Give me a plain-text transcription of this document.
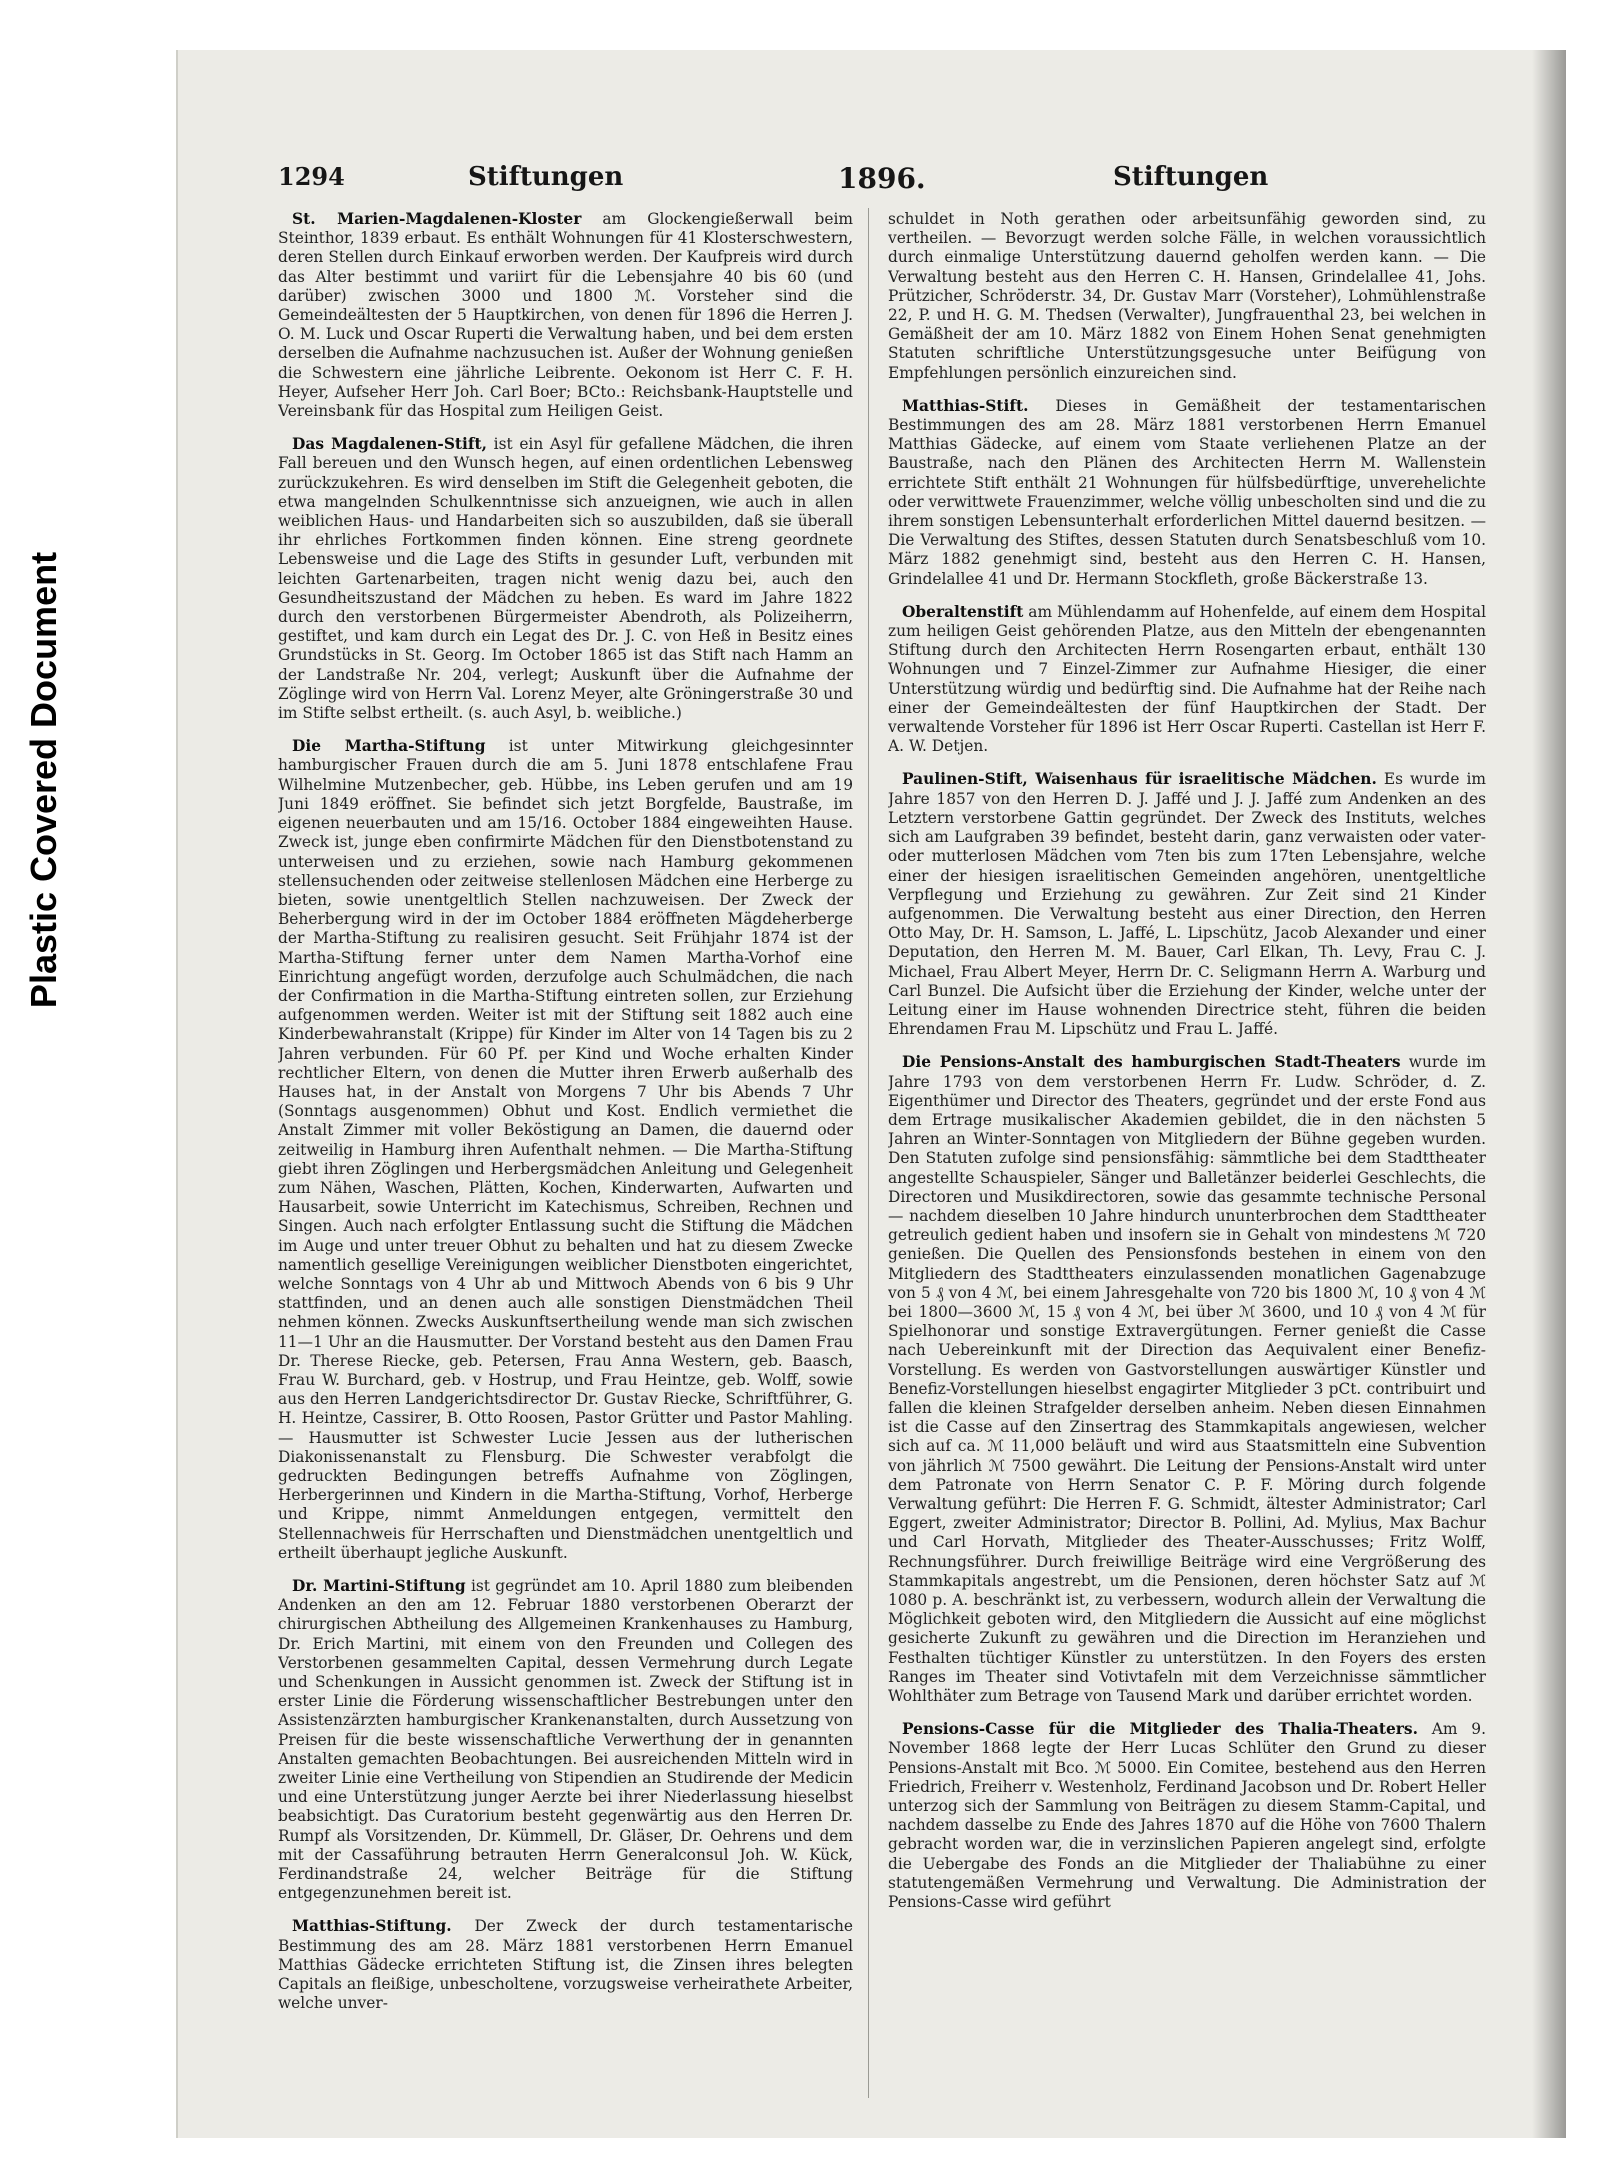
Plastic Covered Document
1294	Stiftungen	1896.	Stiftungen

St. Marien-Magdalenen-Kloster am Glockengießerwall beim Steinthor, 1839 erbaut. Es enthält Wohnungen für 41 Klosterschwestern, deren Stellen durch Einkauf erworben werden. Der Kaufpreis wird durch das Alter bestimmt und variirt für die Lebensjahre 40 bis 60 (und darüber) zwischen 3000 und 1800 ℳ. Vorsteher sind die Gemeindeältesten der 5 Hauptkirchen, von denen für 1896 die Herren J. O. M. Luck und Oscar Ruperti die Verwaltung haben, und bei dem ersten derselben die Aufnahme nachzusuchen ist. Außer der Wohnung genießen die Schwestern eine jährliche Leibrente. Oekonom ist Herr C. F. H. Heyer, Aufseher Herr Joh. Carl Boer; BCto.: Reichsbank-Hauptstelle und Vereinsbank für das Hospital zum Heiligen Geist.

Das Magdalenen-Stift, ist ein Asyl für gefallene Mädchen, die ihren Fall bereuen und den Wunsch hegen, auf einen ordentlichen Lebensweg zurückzukehren. Es wird denselben im Stift die Gelegenheit geboten, die etwa mangelnden Schulkenntnisse sich anzueignen, wie auch in allen weiblichen Haus- und Handarbeiten sich so auszubilden, daß sie überall ihr ehrliches Fortkommen finden können. Eine streng geordnete Lebensweise und die Lage des Stifts in gesunder Luft, verbunden mit leichten Gartenarbeiten, tragen nicht wenig dazu bei, auch den Gesundheitszustand der Mädchen zu heben. Es ward im Jahre 1822 durch den verstorbenen Bürgermeister Abendroth, als Polizeiherrn, gestiftet, und kam durch ein Legat des Dr. J. C. von Heß in Besitz eines Grundstücks in St. Georg. Im October 1865 ist das Stift nach Hamm an der Landstraße Nr. 204, verlegt; Auskunft über die Aufnahme der Zöglinge wird von Herrn Val. Lorenz Meyer, alte Gröningerstraße 30 und im Stifte selbst ertheilt. (s. auch Asyl, b. weibliche.)

Die Martha-Stiftung ist unter Mitwirkung gleichgesinnter hamburgischer Frauen durch die am 5. Juni 1878 entschlafene Frau Wilhelmine Mutzenbecher, geb. Hübbe, ins Leben gerufen und am 19 Juni 1849 eröffnet. Sie befindet sich jetzt Borgfelde, Baustraße, im eigenen neuerbauten und am 15/16. October 1884 eingeweihten Hause. Zweck ist, junge eben confirmirte Mädchen für den Dienstbotenstand zu unterweisen und zu erziehen, sowie nach Hamburg gekommenen stellensuchenden oder zeitweise stellenlosen Mädchen eine Herberge zu bieten, sowie unentgeltlich Stellen nachzuweisen. Der Zweck der Beherbergung wird in der im October 1884 eröffneten Mägdeherberge der Martha-Stiftung zu realisiren gesucht. Seit Frühjahr 1874 ist der Martha-Stiftung ferner unter dem Namen Martha-Vorhof eine Einrichtung angefügt worden, derzufolge auch Schulmädchen, die nach der Confirmation in die Martha-Stiftung eintreten sollen, zur Erziehung aufgenommen werden. Weiter ist mit der Stiftung seit 1882 auch eine Kinderbewahranstalt (Krippe) für Kinder im Alter von 14 Tagen bis zu 2 Jahren verbunden. Für 60 Pf. per Kind und Woche erhalten Kinder rechtlicher Eltern, von denen die Mutter ihren Erwerb außerhalb des Hauses hat, in der Anstalt von Morgens 7 Uhr bis Abends 7 Uhr (Sonntags ausgenommen) Obhut und Kost. Endlich vermiethet die Anstalt Zimmer mit voller Beköstigung an Damen, die dauernd oder zeitweilig in Hamburg ihren Aufenthalt nehmen. — Die Martha-Stiftung giebt ihren Zöglingen und Herbergsmädchen Anleitung und Gelegenheit zum Nähen, Waschen, Plätten, Kochen, Kinderwarten, Aufwarten und Hausarbeit, sowie Unterricht im Katechismus, Schreiben, Rechnen und Singen. Auch nach erfolgter Entlassung sucht die Stiftung die Mädchen im Auge und unter treuer Obhut zu behalten und hat zu diesem Zwecke namentlich gesellige Vereinigungen weiblicher Dienstboten eingerichtet, welche Sonntags von 4 Uhr ab und Mittwoch Abends von 6 bis 9 Uhr stattfinden, und an denen auch alle sonstigen Dienstmädchen Theil nehmen können. Zwecks Auskunftsertheilung wende man sich zwischen 11—1 Uhr an die Hausmutter. Der Vorstand besteht aus den Damen Frau Dr. Therese Riecke, geb. Petersen, Frau Anna Western, geb. Baasch, Frau W. Burchard, geb. v Hostrup, und Frau Heintze, geb. Wolff, sowie aus den Herren Landgerichtsdirector Dr. Gustav Riecke, Schriftführer, G. H. Heintze, Cassirer, B. Otto Roosen, Pastor Grütter und Pastor Mahling. — Hausmutter ist Schwester Lucie Jessen aus der lutherischen Diakonissenanstalt zu Flensburg. Die Schwester verabfolgt die gedruckten Bedingungen betreffs Aufnahme von Zöglingen, Herbergerinnen und Kindern in die Martha-Stiftung, Vorhof, Herberge und Krippe, nimmt Anmeldungen entgegen, vermittelt den Stellennachweis für Herrschaften und Dienstmädchen unentgeltlich und ertheilt überhaupt jegliche Auskunft.

Dr. Martini-Stiftung ist gegründet am 10. April 1880 zum bleibenden Andenken an den am 12. Februar 1880 verstorbenen Oberarzt der chirurgischen Abtheilung des Allgemeinen Krankenhauses zu Hamburg, Dr. Erich Martini, mit einem von den Freunden und Collegen des Verstorbenen gesammelten Capital, dessen Vermehrung durch Legate und Schenkungen in Aussicht genommen ist. Zweck der Stiftung ist in erster Linie die Förderung wissenschaftlicher Bestrebungen unter den Assistenzärzten hamburgischer Krankenanstalten, durch Aussetzung von Preisen für die beste wissenschaftliche Verwerthung der in genannten Anstalten gemachten Beobachtungen. Bei ausreichenden Mitteln wird in zweiter Linie eine Vertheilung von Stipendien an Studirende der Medicin und eine Unterstützung junger Aerzte bei ihrer Niederlassung hieselbst beabsichtigt. Das Curatorium besteht gegenwärtig aus den Herren Dr. Rumpf als Vorsitzenden, Dr. Kümmell, Dr. Gläser, Dr. Oehrens und dem mit der Cassaführung betrauten Herrn Generalconsul Joh. W. Kück, Ferdinandstraße 24, welcher Beiträge für die Stiftung entgegenzunehmen bereit ist.

Matthias-Stiftung. Der Zweck der durch testamentarische Bestimmung des am 28. März 1881 verstorbenen Herrn Emanuel Matthias Gädecke errichteten Stiftung ist, die Zinsen ihres belegten Capitals an fleißige, unbescholtene, vorzugsweise verheirathete Arbeiter, welche unver-

schuldet in Noth gerathen oder arbeitsunfähig geworden sind, zu vertheilen. — Bevorzugt werden solche Fälle, in welchen voraussichtlich durch einmalige Unterstützung dauernd geholfen werden kann. — Die Verwaltung besteht aus den Herren C. H. Hansen, Grindelallee 41, Johs. Prützicher, Schröderstr. 34, Dr. Gustav Marr (Vorsteher), Lohmühlenstraße 22, P. und H. G. M. Thedsen (Verwalter), Jungfrauenthal 23, bei welchen in Gemäßheit der am 10. März 1882 von Einem Hohen Senat genehmigten Statuten schriftliche Unterstützungsgesuche unter Beifügung von Empfehlungen persönlich einzureichen sind.

Matthias-Stift. Dieses in Gemäßheit der testamentarischen Bestimmungen des am 28. März 1881 verstorbenen Herrn Emanuel Matthias Gädecke, auf einem vom Staate verliehenen Platze an der Baustraße, nach den Plänen des Architecten Herrn M. Wallenstein errichtete Stift enthält 21 Wohnungen für hülfsbedürftige, unverehelichte oder verwittwete Frauenzimmer, welche völlig unbescholten sind und die zu ihrem sonstigen Lebensunterhalt erforderlichen Mittel dauernd besitzen. — Die Verwaltung des Stiftes, dessen Statuten durch Senatsbeschluß vom 10. März 1882 genehmigt sind, besteht aus den Herren C. H. Hansen, Grindelallee 41 und Dr. Hermann Stockfleth, große Bäckerstraße 13.

Oberaltenstift am Mühlendamm auf Hohenfelde, auf einem dem Hospital zum heiligen Geist gehörenden Platze, aus den Mitteln der ebengenannten Stiftung durch den Architecten Herrn Rosengarten erbaut, enthält 130 Wohnungen und 7 Einzel-Zimmer zur Aufnahme Hiesiger, die einer Unterstützung würdig und bedürftig sind. Die Aufnahme hat der Reihe nach einer der Gemeindeältesten der fünf Hauptkirchen der Stadt. Der verwaltende Vorsteher für 1896 ist Herr Oscar Ruperti. Castellan ist Herr F. A. W. Detjen.

Paulinen-Stift, Waisenhaus für israelitische Mädchen. Es wurde im Jahre 1857 von den Herren D. J. Jaffé und J. J. Jaffé zum Andenken an des Letztern verstorbene Gattin gegründet. Der Zweck des Instituts, welches sich am Laufgraben 39 befindet, besteht darin, ganz verwaisten oder vater- oder mutterlosen Mädchen vom 7ten bis zum 17ten Lebensjahre, welche einer der hiesigen israelitischen Gemeinden angehören, unentgeltliche Verpflegung und Erziehung zu gewähren. Zur Zeit sind 21 Kinder aufgenommen. Die Verwaltung besteht aus einer Direction, den Herren Otto May, Dr. H. Samson, L. Jaffé, L. Lipschütz, Jacob Alexander und einer Deputation, den Herren M. M. Bauer, Carl Elkan, Th. Levy, Frau C. J. Michael, Frau Albert Meyer, Herrn Dr. C. Seligmann Herrn A. Warburg und Carl Bunzel. Die Aufsicht über die Erziehung der Kinder, welche unter der Leitung einer im Hause wohnenden Directrice steht, führen die beiden Ehrendamen Frau M. Lipschütz und Frau L. Jaffé.

Die Pensions-Anstalt des hamburgischen Stadt-Theaters wurde im Jahre 1793 von dem verstorbenen Herrn Fr. Ludw. Schröder, d. Z. Eigenthümer und Director des Theaters, gegründet und der erste Fond aus dem Ertrage musikalischer Akademien gebildet, die in den nächsten 5 Jahren an Winter-Sonntagen von Mitgliedern der Bühne gegeben wurden. Den Statuten zufolge sind pensionsfähig: sämmtliche bei dem Stadttheater angestellte Schauspieler, Sänger und Balletänzer beiderlei Geschlechts, die Directoren und Musikdirectoren, sowie das gesammte technische Personal — nachdem dieselben 10 Jahre hindurch ununterbrochen dem Stadttheater getreulich gedient haben und insofern sie in Gehalt von mindestens ℳ 720 genießen. Die Quellen des Pensionsfonds bestehen in einem von den Mitgliedern des Stadttheaters einzulassenden monatlichen Gagenabzuge von 5 ₰ von 4 ℳ, bei einem Jahresgehalte von 720 bis 1800 ℳ, 10 ₰ von 4 ℳ bei 1800—3600 ℳ, 15 ₰ von 4 ℳ, bei über ℳ 3600, und 10 ₰ von 4 ℳ für Spielhonorar und sonstige Extravergütungen. Ferner genießt die Casse nach Uebereinkunft mit der Direction das Aequivalent einer Benefiz-Vorstellung. Es werden von Gastvorstellungen auswärtiger Künstler und Benefiz-Vorstellungen hieselbst engagirter Mitglieder 3 pCt. contribuirt und fallen die kleinen Strafgelder derselben anheim. Neben diesen Einnahmen ist die Casse auf den Zinsertrag des Stammkapitals angewiesen, welcher sich auf ca. ℳ 11,000 beläuft und wird aus Staatsmitteln eine Subvention von jährlich ℳ 7500 gewährt. Die Leitung der Pensions-Anstalt wird unter dem Patronate von Herrn Senator C. P. F. Möring durch folgende Verwaltung geführt: Die Herren F. G. Schmidt, ältester Administrator; Carl Eggert, zweiter Administrator; Director B. Pollini, Ad. Mylius, Max Bachur und Carl Horvath, Mitglieder des Theater-Ausschusses; Fritz Wolff, Rechnungsführer. Durch freiwillige Beiträge wird eine Vergrößerung des Stammkapitals angestrebt, um die Pensionen, deren höchster Satz auf ℳ 1080 p. A. beschränkt ist, zu verbessern, wodurch allein der Verwaltung die Möglichkeit geboten wird, den Mitgliedern die Aussicht auf eine möglichst gesicherte Zukunft zu gewähren und die Direction im Heranziehen und Festhalten tüchtiger Künstler zu unterstützen. In den Foyers des ersten Ranges im Theater sind Votivtafeln mit dem Verzeichnisse sämmtlicher Wohlthäter zum Betrage von Tausend Mark und darüber errichtet worden.

Pensions-Casse für die Mitglieder des Thalia-Theaters. Am 9. November 1868 legte der Herr Lucas Schlüter den Grund zu dieser Pensions-Anstalt mit Bco. ℳ 5000. Ein Comitee, bestehend aus den Herren Friedrich, Freiherr v. Westenholz, Ferdinand Jacobson und Dr. Robert Heller unterzog sich der Sammlung von Beiträgen zu diesem Stamm-Capital, und nachdem dasselbe zu Ende des Jahres 1870 auf die Höhe von 7600 Thalern gebracht worden war, die in verzinslichen Papieren angelegt sind, erfolgte die Uebergabe des Fonds an die Mitglieder der Thaliabühne zu einer statutengemäßen Vermehrung und Verwaltung. Die Administration der Pensions-Casse wird geführt
